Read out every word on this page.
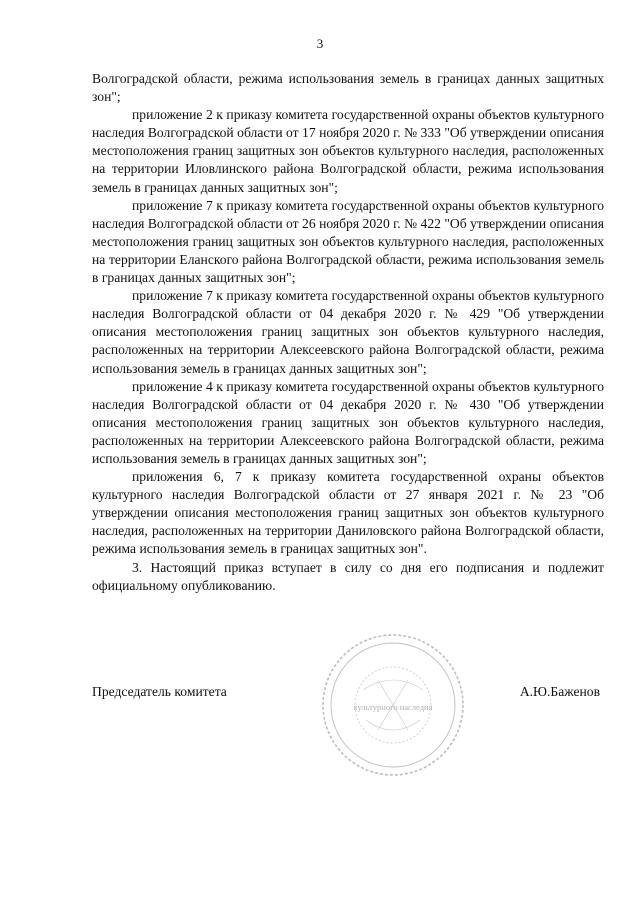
3

Волгоградской области, режима использования земель в границах данных защитных зон";

приложение 2 к приказу комитета государственной охраны объектов культурного наследия Волгоградской области от 17 ноября 2020 г. № 333 "Об утверждении описания местоположения границ защитных зон объектов культурного наследия, расположенных на территории Иловлинского района Волгоградской области, режима использования земель в границах данных защитных зон";

приложение 7 к приказу комитета государственной охраны объектов культурного наследия Волгоградской области от 26 ноября 2020 г. № 422 "Об утверждении описания местоположения границ защитных зон объектов культурного наследия, расположенных на территории Еланского района Волгоградской области, режима использования земель в границах данных защитных зон";

приложение 7 к приказу комитета государственной охраны объектов культурного наследия Волгоградской области от 04 декабря 2020 г. № 429 "Об утверждении описания местоположения границ защитных зон объектов культурного наследия, расположенных на территории Алексеевского района Волгоградской области, режима использования земель в границах данных защитных зон";

приложение 4 к приказу комитета государственной охраны объектов культурного наследия Волгоградской области от 04 декабря 2020 г. № 430 "Об утверждении описания местоположения границ защитных зон объектов культурного наследия, расположенных на территории Алексеевского района Волгоградской области, режима использования земель в границах данных защитных зон";

приложения 6, 7 к приказу комитета государственной охраны объектов культурного наследия Волгоградской области от 27 января 2021 г. № 23 "Об утверждении описания местоположения границ защитных зон объектов культурного наследия, расположенных на территории Даниловского района Волгоградской области, режима использования земель в границах защитных зон".

3. Настоящий приказ вступает в силу со дня его подписания и подлежит официальному опубликованию.

культурного наследия
Председатель комитета	А.Ю.Баженов
